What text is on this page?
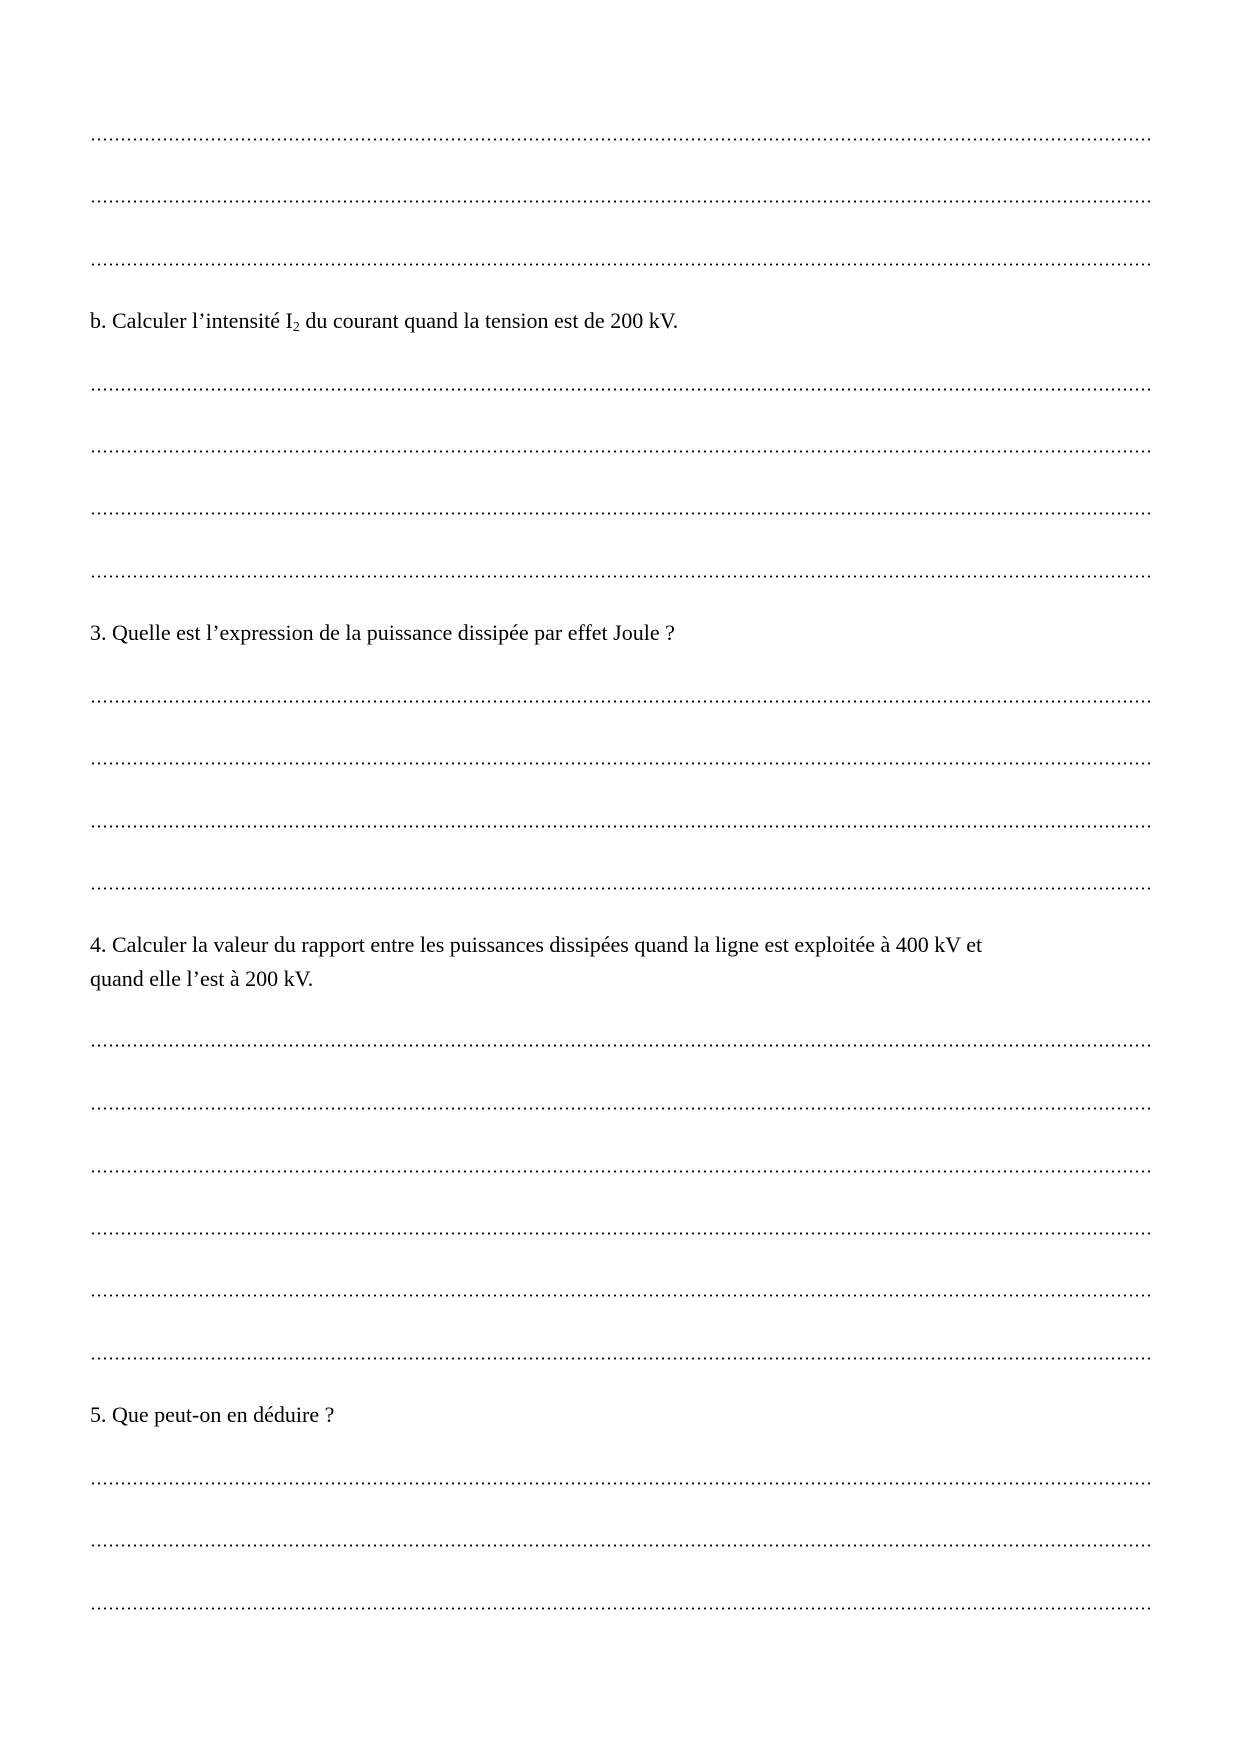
b. Calculer l’intensité $I_2$ du courant quand la tension est de 200 kV.

3. Quelle est l’expression de la puissance dissipée par effet Joule ?

4. Calculer la valeur du rapport entre les puissances dissipées quand la ligne est exploitée à 400 kV et

quand elle l’est à 200 kV.

5. Que peut-on en déduire ?
